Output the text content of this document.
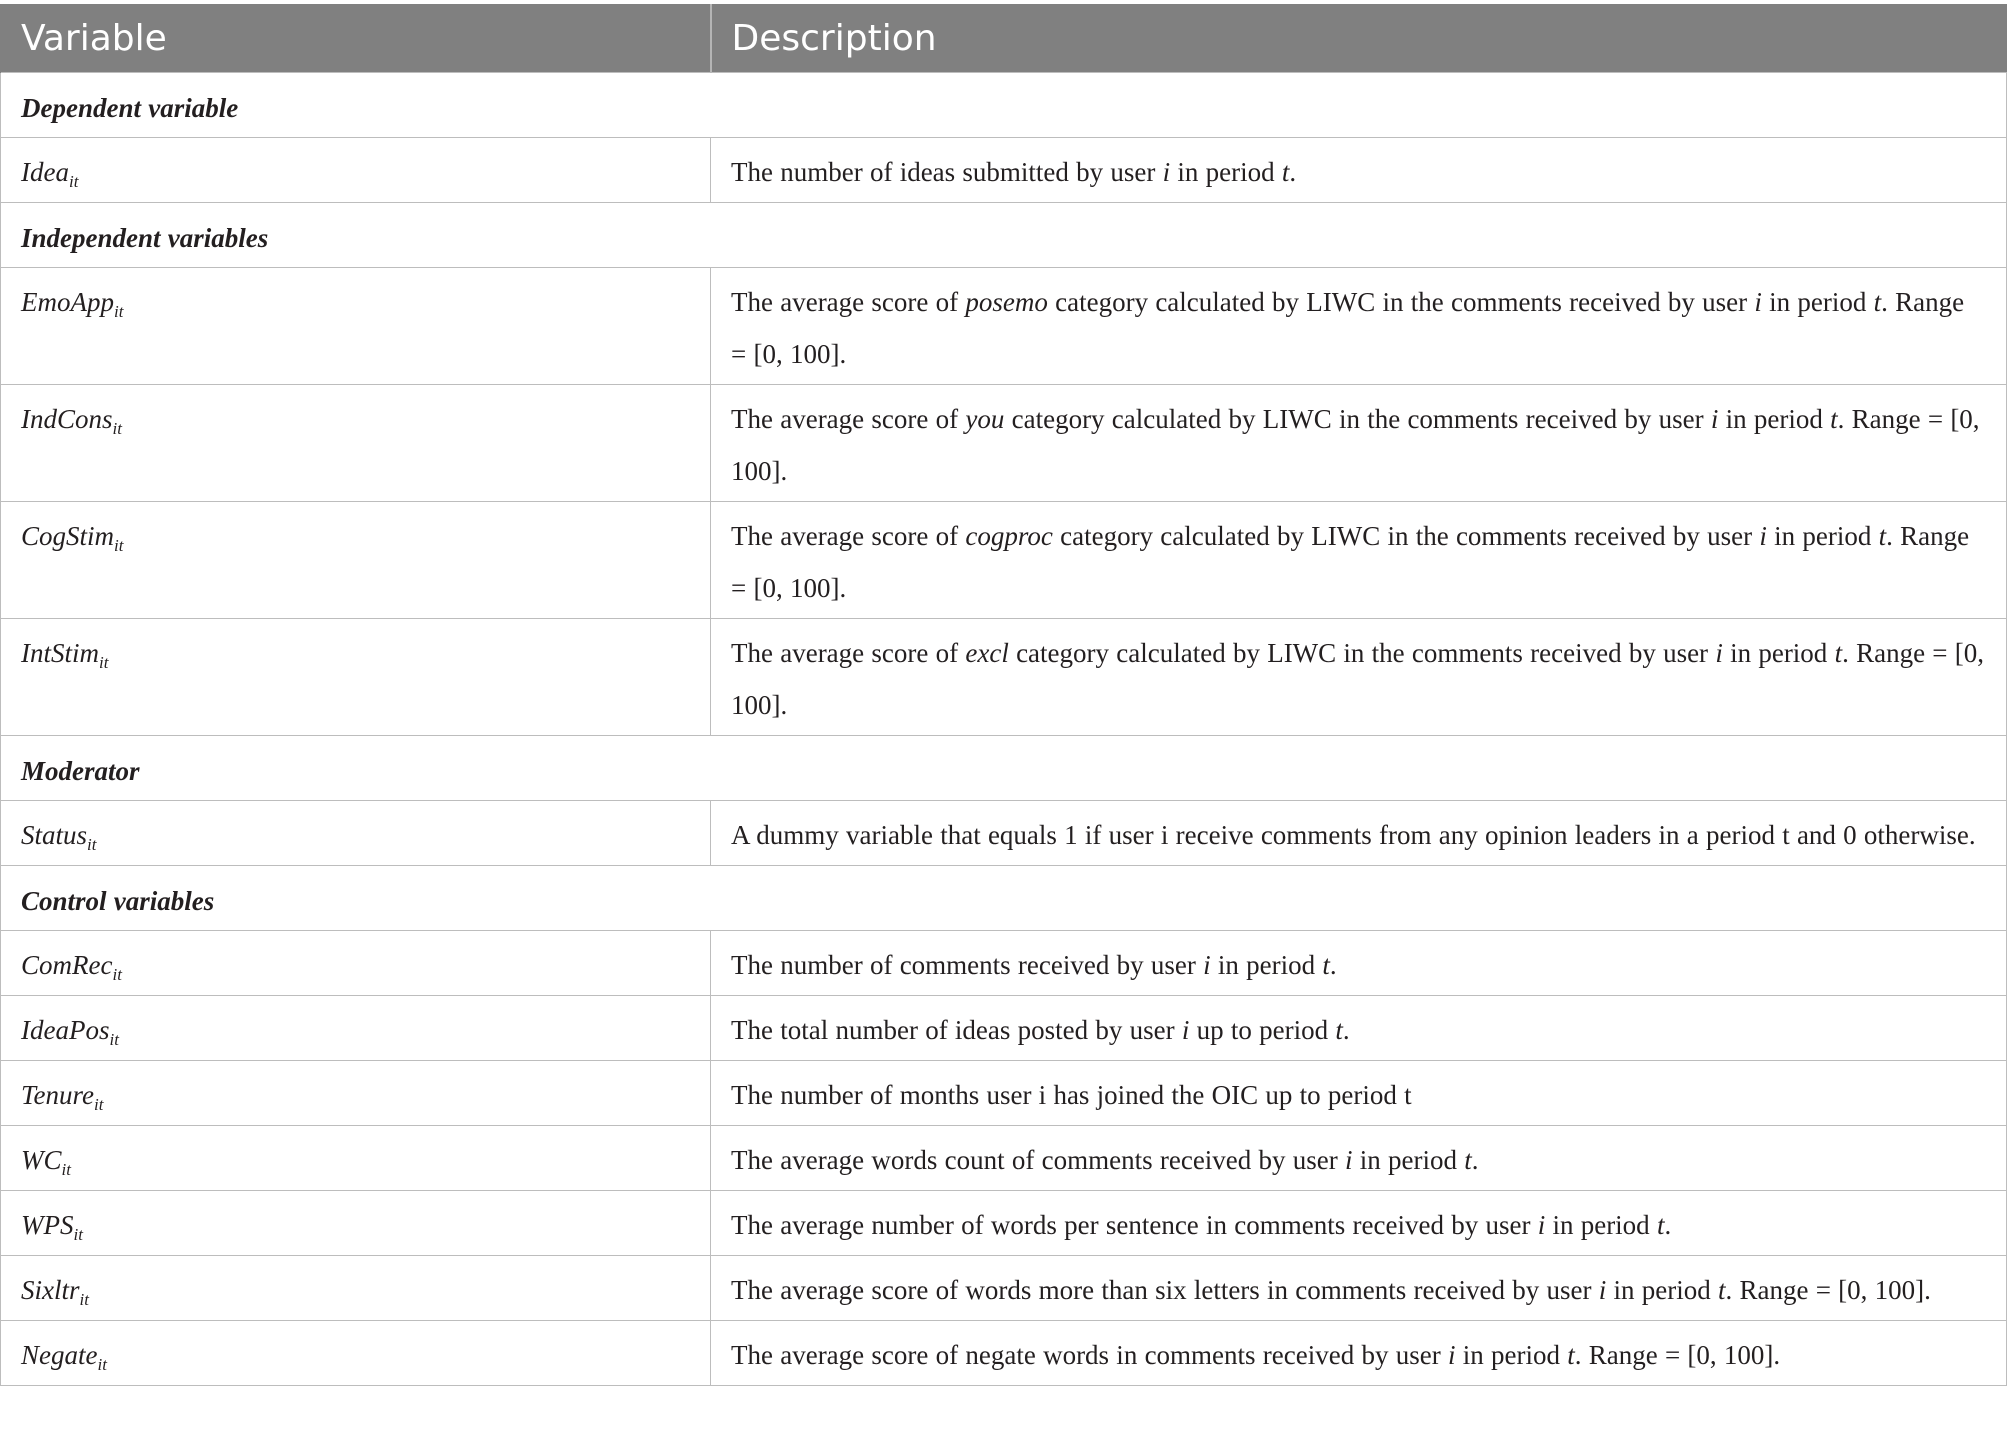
Variable	Description
Dependent variable	
Idea$_{it}$	The number of ideas submitted by user i in period t.
Independent variables	
EmoApp$_{it}$	The average score of posemo category calculated by LIWC in the comments received by user i in period t. Range = [0, 100].
IndCons$_{it}$	The average score of you category calculated by LIWC in the comments received by user i in period t. Range = [0, 100].
CogStim$_{it}$	The average score of cogproc category calculated by LIWC in the comments received by user i in period t. Range = [0, 100].
IntStim$_{it}$	The average score of excl category calculated by LIWC in the comments received by user i in period t. Range = [0, 100].
Moderator	
Status$_{it}$	A dummy variable that equals 1 if user i receive comments from any opinion leaders in a period t and 0 otherwise.
Control variables	
ComRec$_{it}$	The number of comments received by user i in period t.
IdeaPos$_{it}$	The total number of ideas posted by user i up to period t.
Tenure$_{it}$	The number of months user i has joined the OIC up to period t
$WC_{it}$	The average words count of comments received by user i in period t.
$WPS_{it}$	The average number of words per sentence in comments received by user i in period t.
Sixltr$_{it}$	The average score of words more than six letters in comments received by user i in period t. Range = [0, 100].
Negate$_{it}$	The average score of negate words in comments received by user i in period t. Range = [0, 100].
